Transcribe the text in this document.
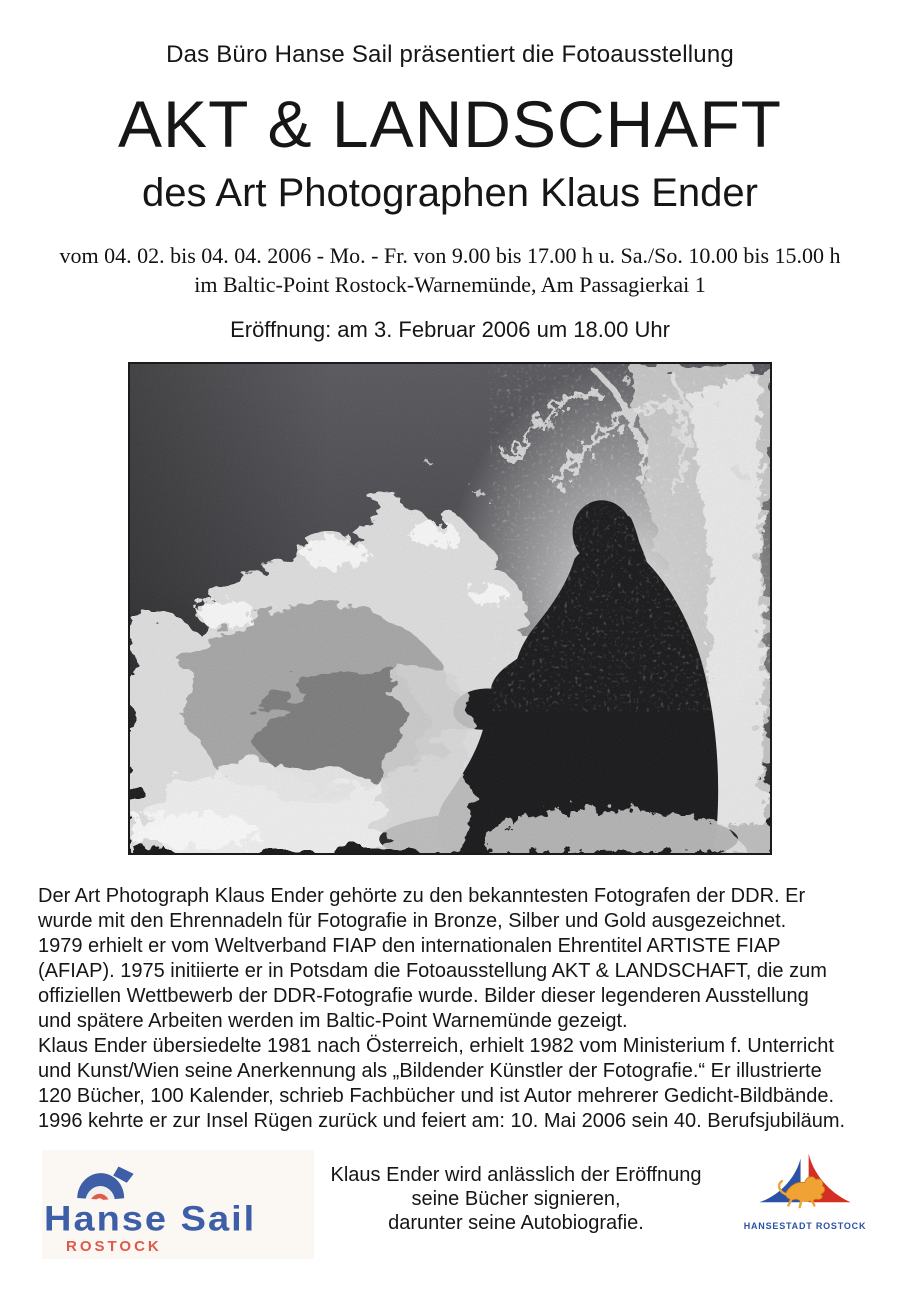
Das Büro Hanse Sail präsentiert die Fotoausstellung
AKT & LANDSCHAFT
des Art Photographen Klaus Ender
vom 04. 02. bis 04. 04. 2006 - Mo. - Fr. von 9.00 bis 17.00 h u. Sa./So. 10.00 bis 15.00 h
im Baltic-Point Rostock-Warnemünde, Am Passagierkai 1
Eröffnung: am 3. Februar 2006 um 18.00 Uhr
Der Art Photograph Klaus Ender gehörte zu den bekanntesten Fotografen der DDR. Er
wurde mit den Ehrennadeln für Fotografie in Bronze, Silber und Gold ausgezeichnet.
1979 erhielt er vom Weltverband FIAP den internationalen Ehrentitel ARTISTE FIAP
(AFIAP). 1975 initiierte er in Potsdam die Fotoausstellung AKT & LANDSCHAFT, die zum
offiziellen Wettbewerb der DDR-Fotografie wurde. Bilder dieser legenderen Ausstellung
und spätere Arbeiten werden im Baltic-Point Warnemünde gezeigt.
Klaus Ender übersiedelte 1981 nach Österreich, erhielt 1982 vom Ministerium f. Unterricht
und Kunst/Wien seine Anerkennung als „Bildender Künstler der Fotografie.“ Er illustrierte
120 Bücher, 100 Kalender, schrieb Fachbücher und ist Autor mehrerer Gedicht-Bildbände.
1996 kehrte er zur Insel Rügen zurück und feiert am: 10. Mai 2006 sein 40. Berufsjubiläum.
Hanse Sail
ROSTOCK
Klaus Ender wird anlässlich der Eröffnung
seine Bücher signieren,
darunter seine Autobiografie.	HANSESTADT ROSTOCK
